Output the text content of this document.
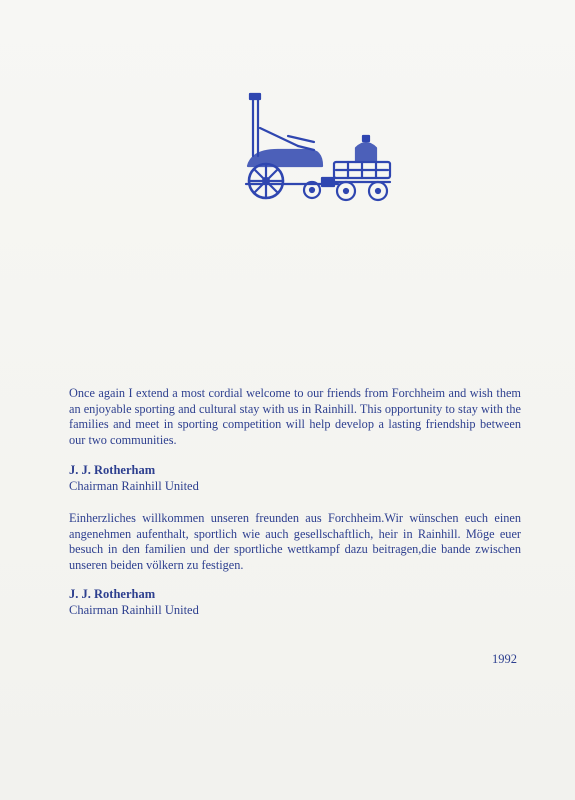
Once again I extend a most cordial welcome to our friends from Forchheim and wish them an enjoyable sporting and cultural stay with us in Rainhill. This opportunity to stay with the families and meet in sporting competition will help develop a lasting friendship between our two communities.
J. J. Rotherham
Chairman Rainhill United
Einherzliches willkommen unseren freunden aus Forchheim.Wir wünschen euch einen angenehmen aufenthalt, sportlich wie auch gesellschaftlich, heir in Rainhill. Möge euer besuch in den familien und der sportliche wettkampf dazu beitragen,die bande zwischen unseren beiden völkern zu festigen.
J. J. Rotherham
Chairman Rainhill United
1992
